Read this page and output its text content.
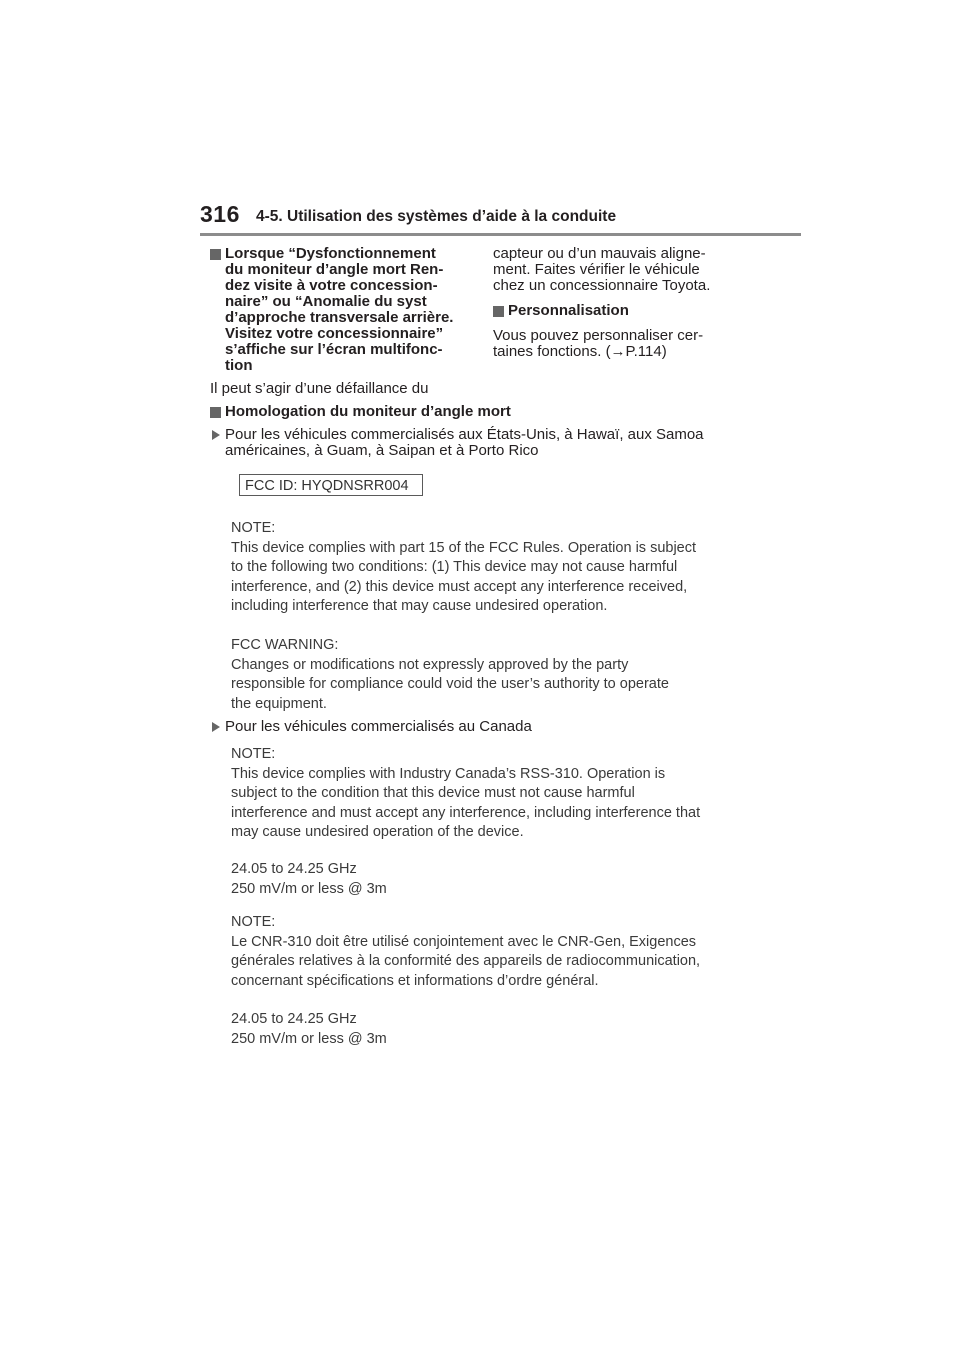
316 4-5. Utilisation des systèmes d’aide à la conduite
Lorsque “Dysfonctionnement
du moniteur d’angle mort Ren-
dez visite à votre concession-
naire” ou “Anomalie du syst
d’approche transversale arrière.
Visitez votre concessionnaire”
s’affiche sur l’écran multifonc-
tion
Il peut s’agir d’une défaillance du
capteur ou d’un mauvais aligne-
ment. Faites vérifier le véhicule
chez un concessionnaire Toyota.
Personnalisation
Vous pouvez personnaliser cer-
taines fonctions. (→P.114)
Homologation du moniteur d’angle mort
Pour les véhicules commercialisés aux États-Unis, à Hawaï, aux Samoa
américaines, à Guam, à Saipan et à Porto Rico
FCC ID: HYQDNSRR004
NOTE:
This device complies with part 15 of the FCC Rules. Operation is subject
to the following two conditions: (1) This device may not cause harmful
interference, and (2) this device must accept any interference received,
including interference that may cause undesired operation.
FCC WARNING:
Changes or modifications not expressly approved by the party
responsible for compliance could void the user’s authority to operate
the equipment.
Pour les véhicules commercialisés au Canada
NOTE:
This device complies with Industry Canada’s RSS-310. Operation is
subject to the condition that this device must not cause harmful
interference and must accept any interference, including interference that
may cause undesired operation of the device.
24.05 to 24.25 GHz
250 mV/m or less @ 3m
NOTE:
Le CNR-310 doit être utilisé conjointement avec le CNR-Gen, Exigences
générales relatives à la conformité des appareils de radiocommunication,
concernant spécifications et informations d’ordre général.
24.05 to 24.25 GHz
250 mV/m or less @ 3m
